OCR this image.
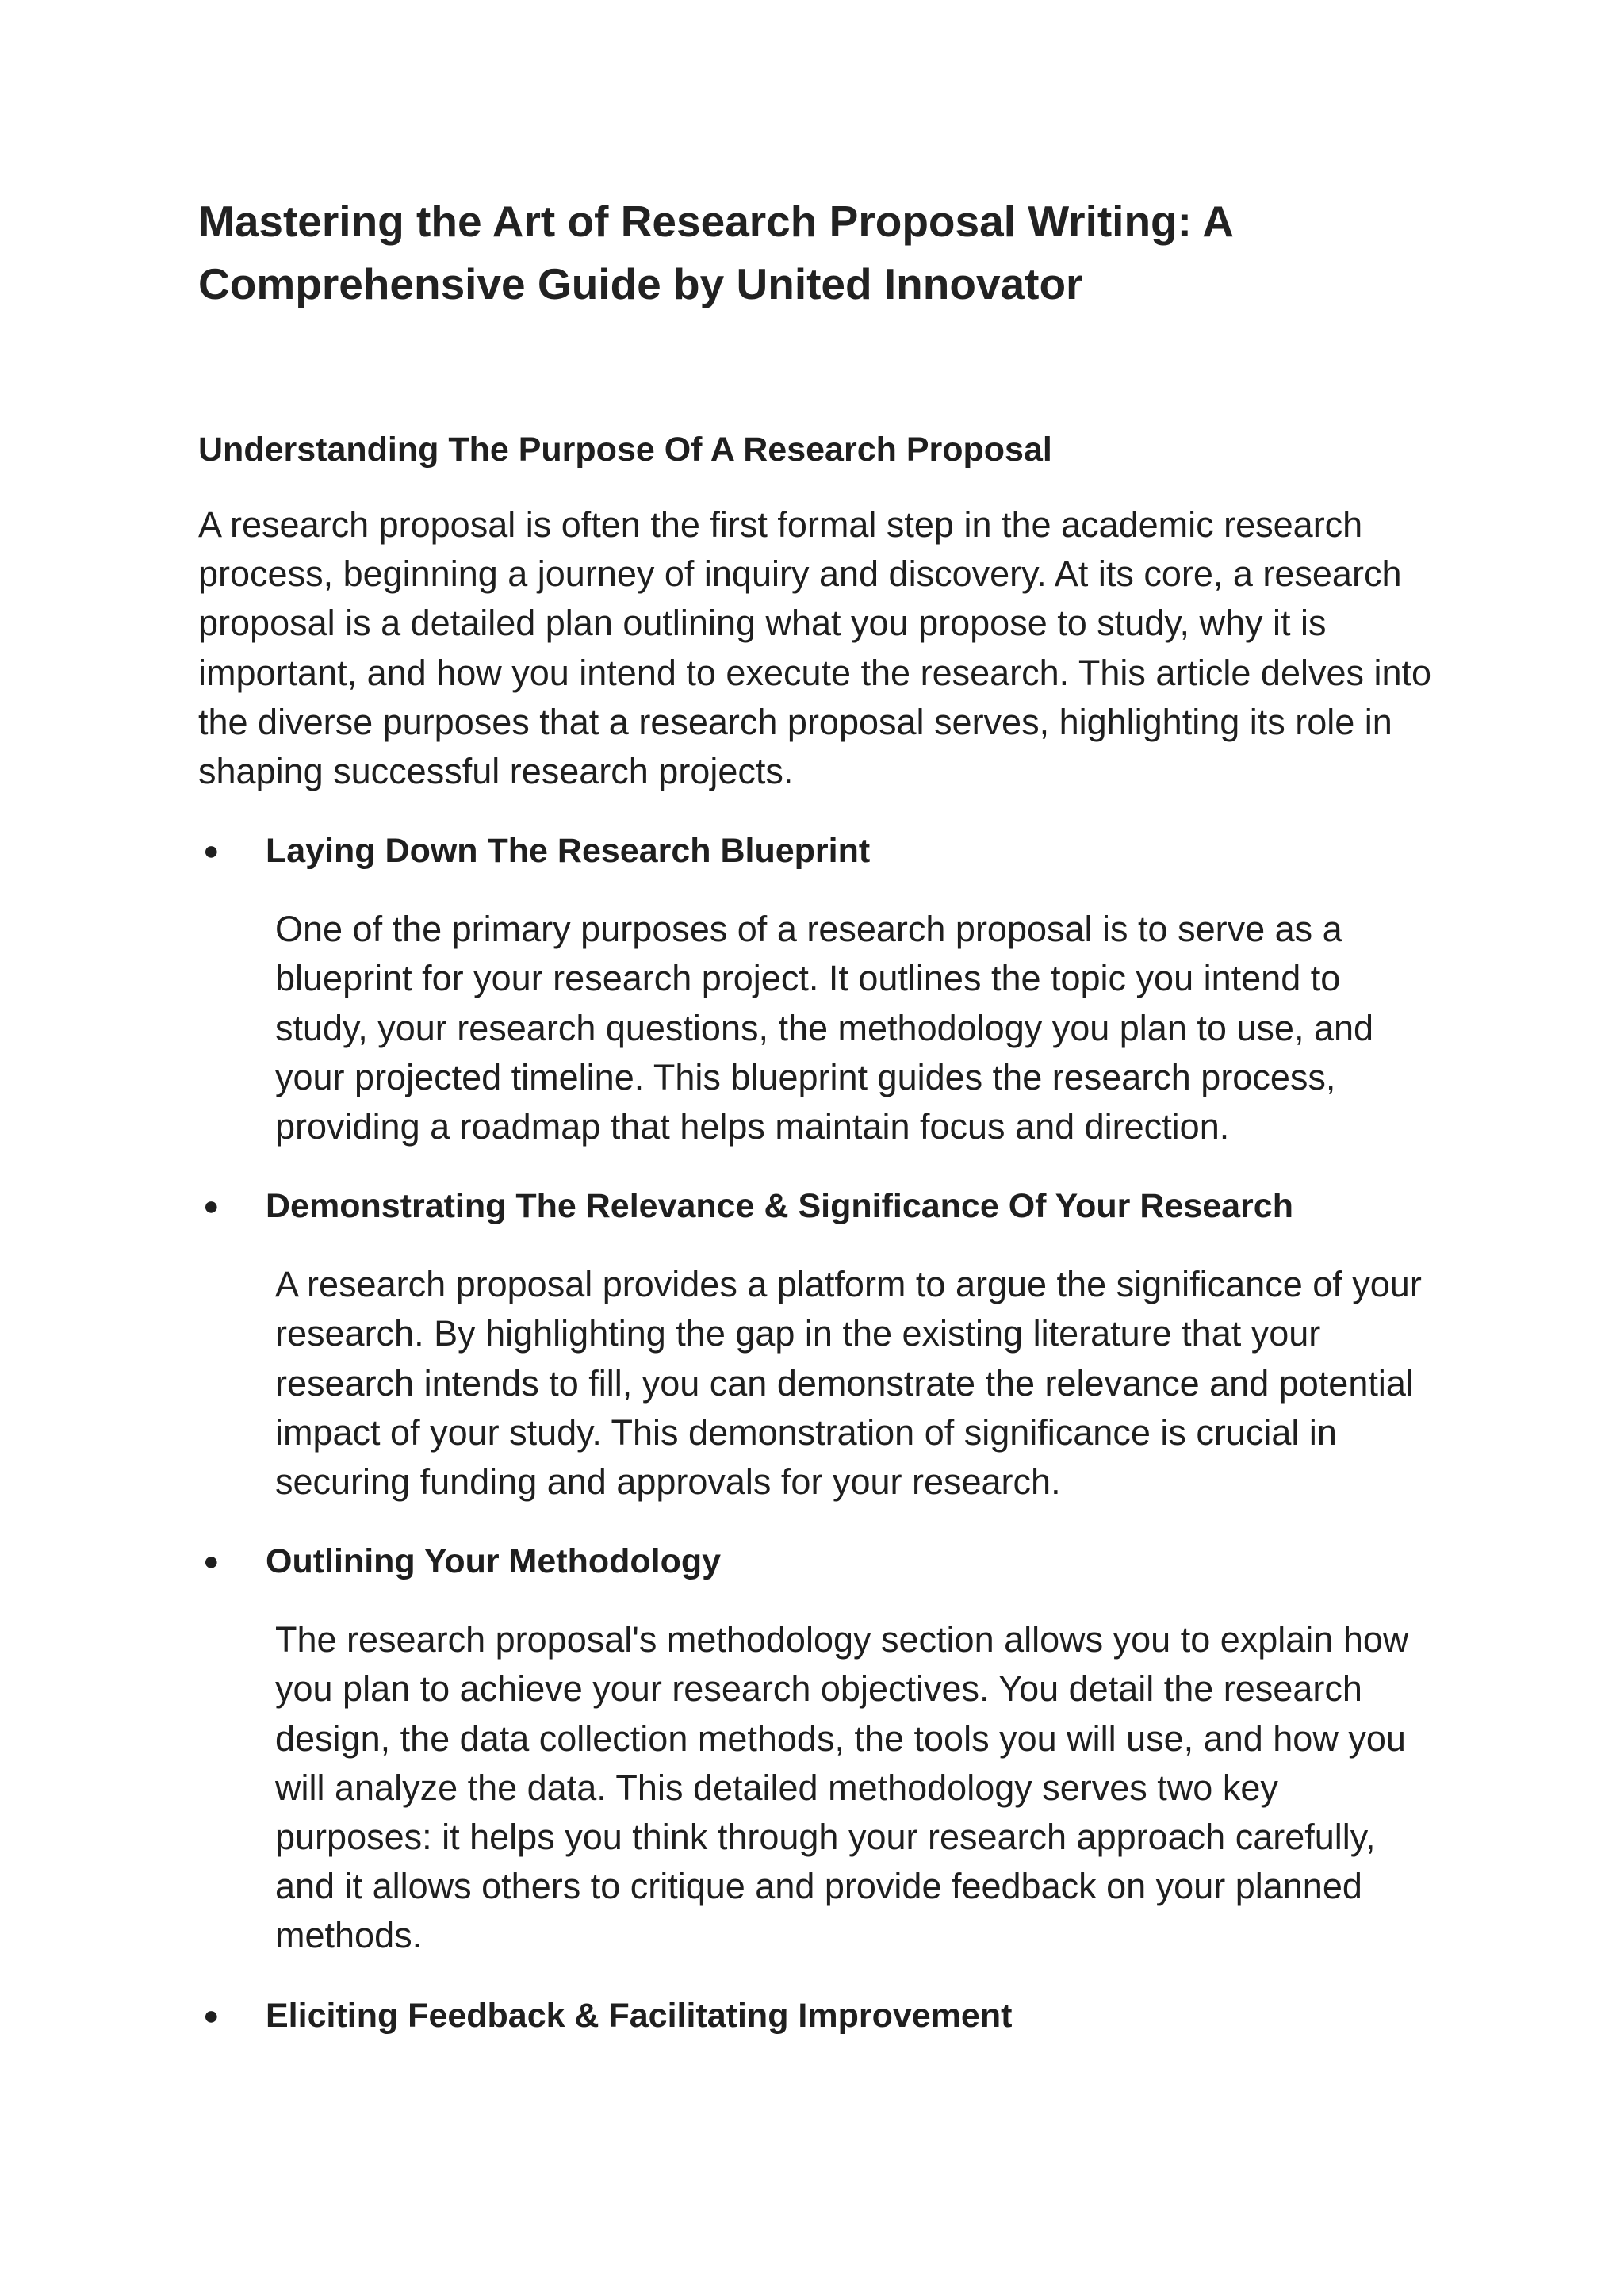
Mastering the Art of Research Proposal Writing: A Comprehensive Guide by United Innovator
Understanding The Purpose Of A Research Proposal

A research proposal is often the first formal step in the academic research process, beginning a journey of inquiry and discovery. At its core, a research proposal is a detailed plan outlining what you propose to study, why it is important, and how you intend to execute the research. This article delves into the diverse purposes that a research proposal serves, highlighting its role in shaping successful research projects.

● Laying Down The Research Blueprint

One of the primary purposes of a research proposal is to serve as a blueprint for your research project. It outlines the topic you intend to study, your research questions, the methodology you plan to use, and your projected timeline. This blueprint guides the research process, providing a roadmap that helps maintain focus and direction.

● Demonstrating The Relevance & Significance Of Your Research

A research proposal provides a platform to argue the significance of your research. By highlighting the gap in the existing literature that your research intends to fill, you can demonstrate the relevance and potential impact of your study. This demonstration of significance is crucial in securing funding and approvals for your research.

● Outlining Your Methodology

The research proposal's methodology section allows you to explain how you plan to achieve your research objectives. You detail the research design, the data collection methods, the tools you will use, and how you will analyze the data. This detailed methodology serves two key purposes: it helps you think through your research approach carefully, and it allows others to critique and provide feedback on your planned methods.

● Eliciting Feedback & Facilitating Improvement
